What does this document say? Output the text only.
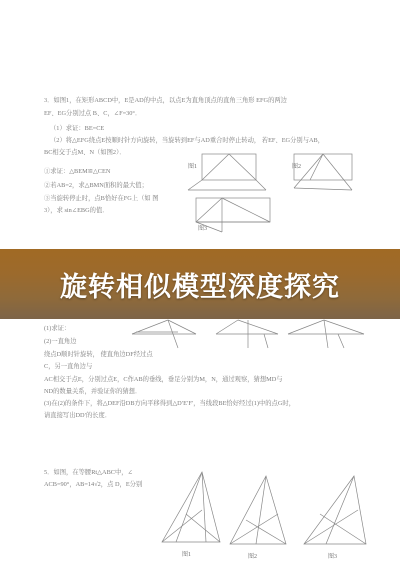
3．如图1，在矩形ABCD中，E是AD的中点，以点E为直角顶点的直角三角形 EFG的两边
EF、EG分别过点 B、C，∠F=30°．
（1）求证：BE=CE
（2）将△EFG绕点E按顺时针方向旋转，当旋转到EF与AD重合时停止转动， 若EF、EG分别与AB，
BC相交于点M、N（如图2）．
①求证：△BEM≌△CEN
②若AB=2，求△BMN面积的最大值；
③当旋转停止时，点B恰好在FG上（如 图
3），求 sin∠EBG的值．
图1	图2
图3
(1)求证：
(2)一直角边
绕点D顺时针旋转， 使直角边DF经过点
C，另一直角边与
AC相交于点E，分别过点E，C作AB的垂线，垂足分别为M，N，通过观察，猜想MD与
ND的数量关系，并验证你的猜想．
(3)在(2)的条件下，将△DEF沿DB方向平移得到△D′E′F′，当线段BE恰好经过(1)中的点G时，
请直接写出DD′的长度．
5．如图，在等腰Rt△ABC中，∠
ACB=90°，AB=14√2，点 D，E分别
图1	图2	图3
旋转相似模型深度探究
